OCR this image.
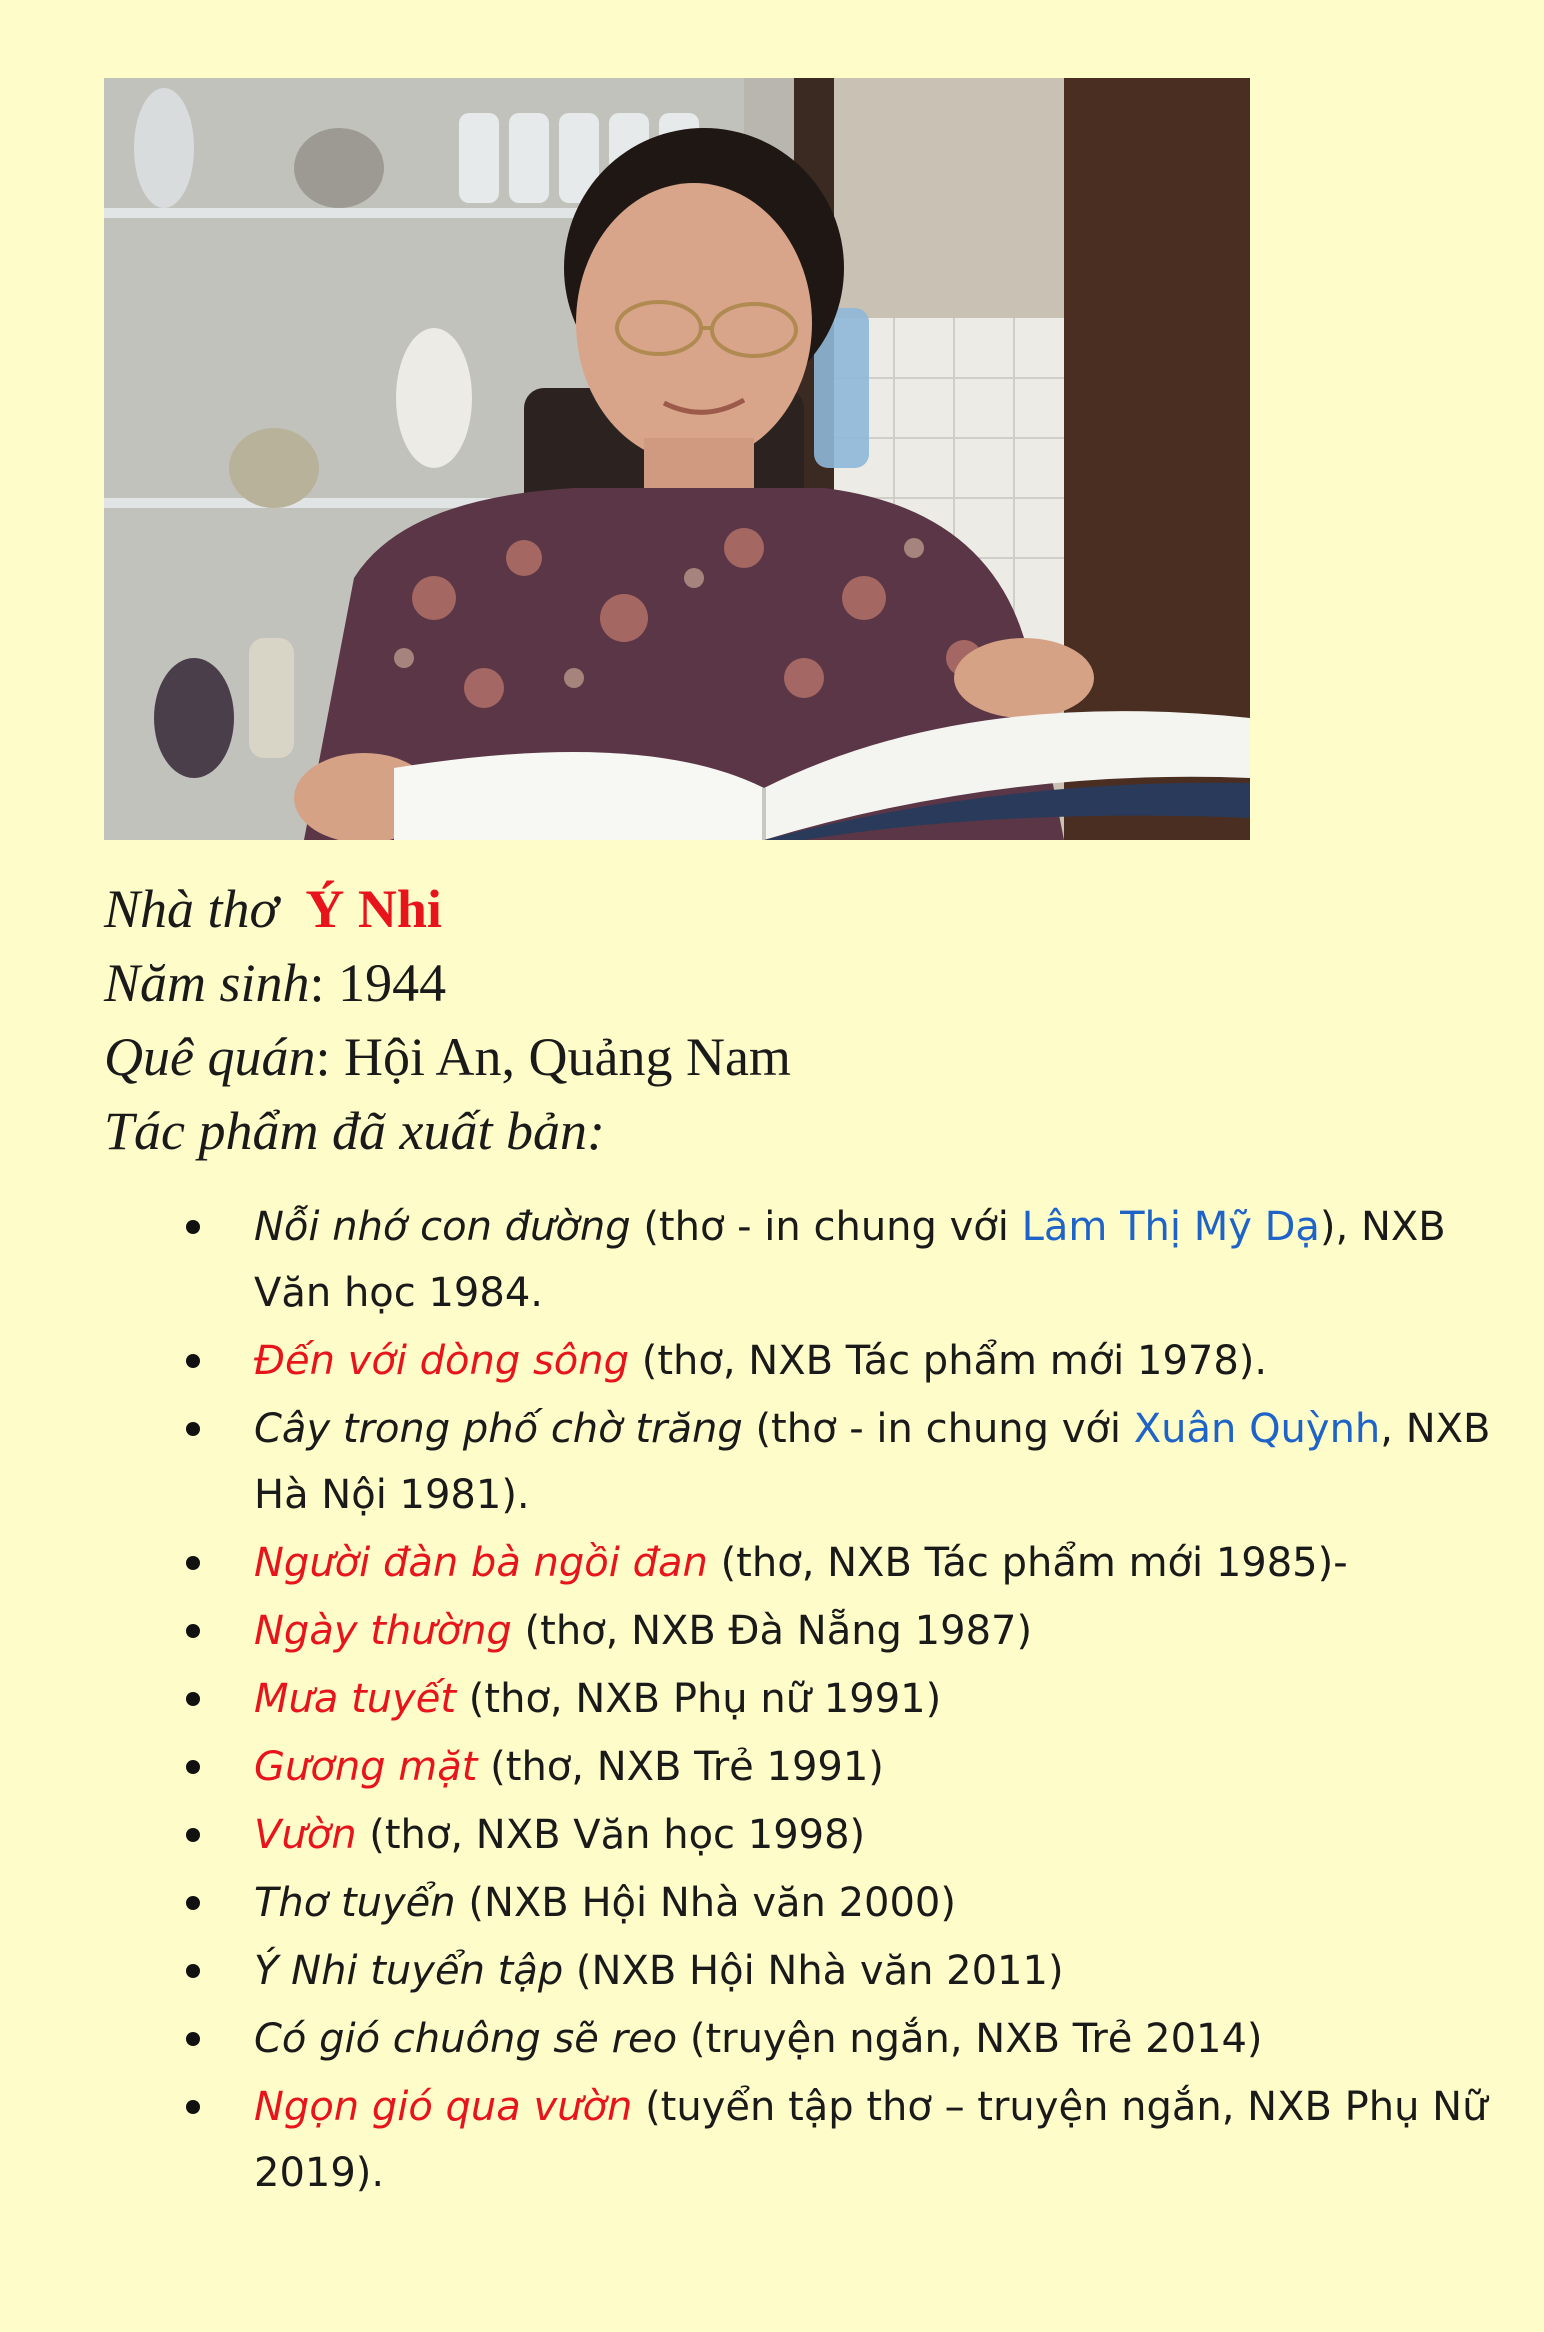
Nhà thơ Ý Nhi
Năm sinh: 1944
Quê quán: Hội An, Quảng Nam
Tác phẩm đã xuất bản:
Nỗi nhớ con đường (thơ - in chung với Lâm Thị Mỹ Dạ), NXB Văn học 1984.
Đến với dòng sông (thơ, NXB Tác phẩm mới 1978).
Cây trong phố chờ trăng (thơ - in chung với Xuân Quỳnh, NXB Hà Nội 1981).
Người đàn bà ngồi đan (thơ, NXB Tác phẩm mới 1985)-
Ngày thường (thơ, NXB Đà Nẵng 1987)
Mưa tuyết (thơ, NXB Phụ nữ 1991)
Gương mặt (thơ, NXB Trẻ 1991)
Vườn (thơ, NXB Văn học 1998)
Thơ tuyển (NXB Hội Nhà văn 2000)
Ý Nhi tuyển tập (NXB Hội Nhà văn 2011)
Có gió chuông sẽ reo (truyện ngắn, NXB Trẻ 2014)
Ngọn gió qua vườn (tuyển tập thơ – truyện ngắn, NXB Phụ Nữ 2019).
